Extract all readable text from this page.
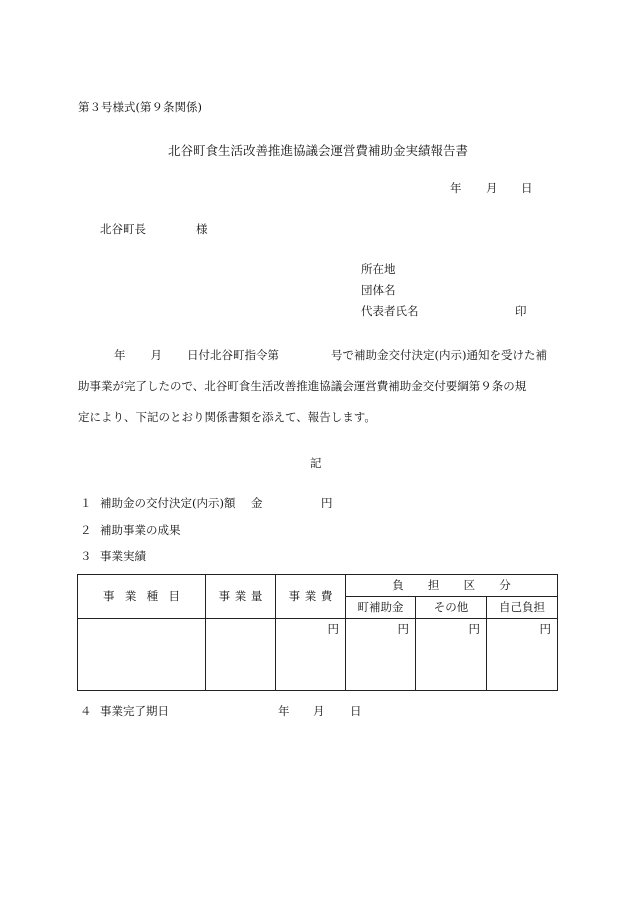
第３号様式(第９条関係)
北谷町食生活改善推進協議会運営費補助金実績報告書
年 月 日
北谷町長	様
所在地
団体名
代表者氏名	印

年 月 日付北谷町指令第	号で補助金交付決定(内示)通知を受けた補

助事業が完了したので、北谷町食生活改善推進協議会運営費補助金交付要綱第９条の規

定により、下記のとおり関係書類を添えて、報告します。

記
１ 補助金の交付決定(内示)額 金	円
２ 補助事業の成果
３ 事業実績
事業種目	事業量	事業費	負担区分		
			町補助金	その他	自己負担
		円	円	円	円
４ 事業完了期日	年 月 日
